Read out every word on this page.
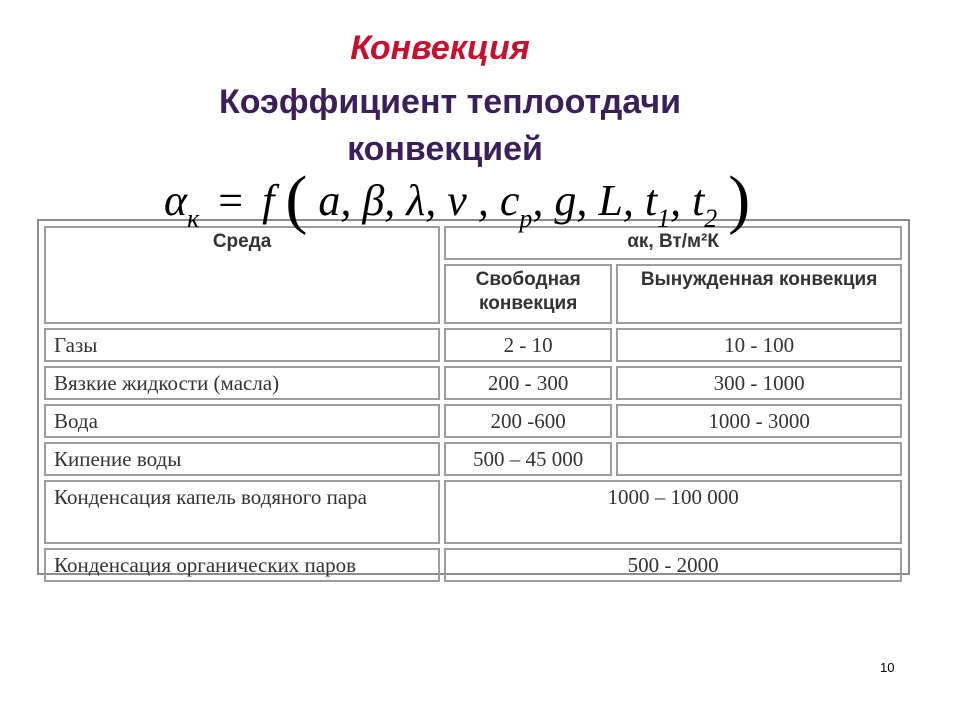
Конвекция
Коэффициент теплоотдачи
конвекцией
$\alpha_к = f$ ( a, β, λ, ν , $c_p$, g, L, $t_1$, $t_2$ )
Среда	αк, Вт/м²К	
	Свободная конвекция	Вынужденная конвекция
Газы	2 - 10	10 - 100
Вязкие жидкости (масла)	200 - 300	300 - 1000
Вода	200 -600	1000 - 3000
Кипение воды	500 – 45 000	
Конденсация капель водяного пара	1000 – 100 000	
Конденсация органических паров	500 - 2000	
10
